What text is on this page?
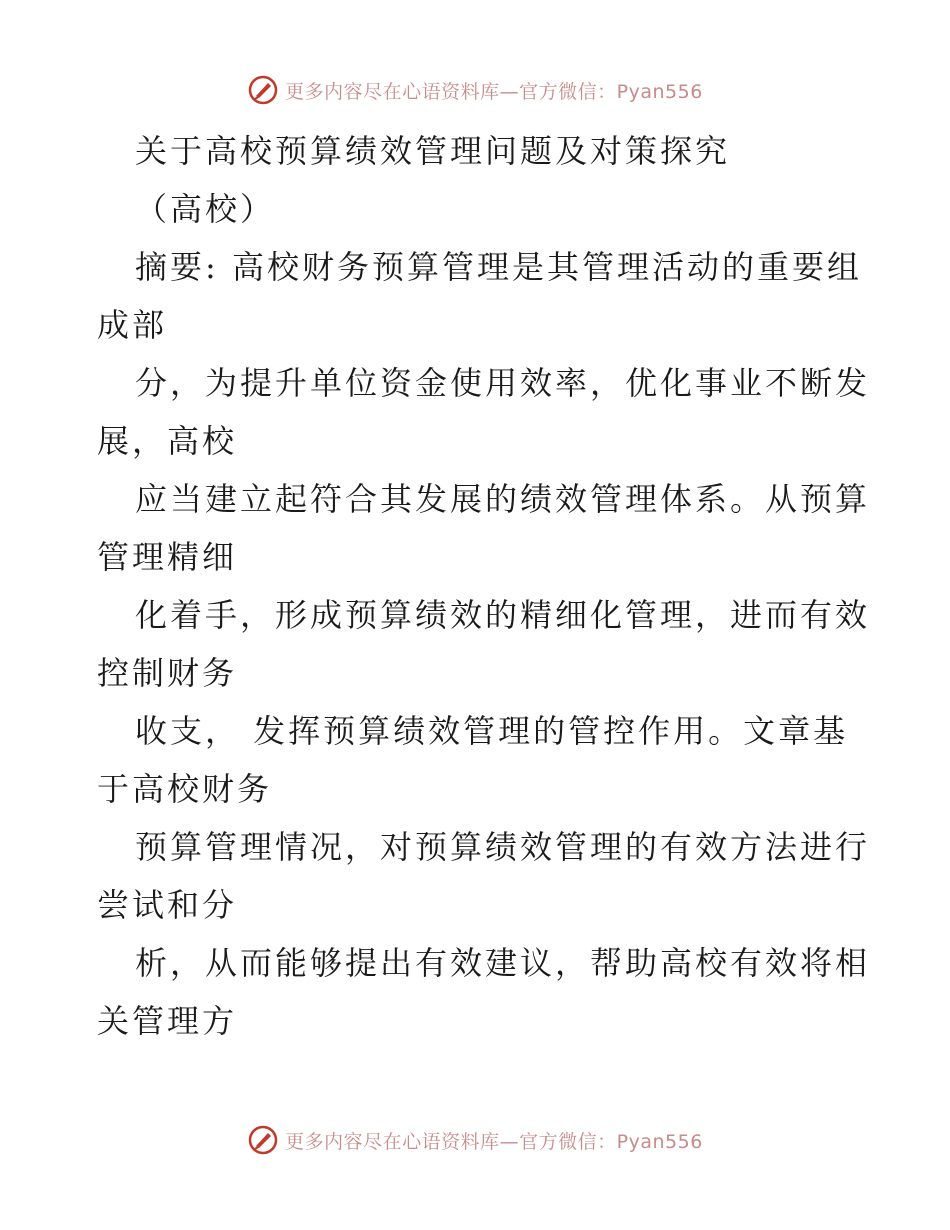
更多内容尽在心语资料库—官方微信：Pyan556
关于高校预算绩效管理问题及对策探究
（高校）
摘要: 高校财务预算管理是其管理活动的重要组
成部
分，为提升单位资金使用效率，优化事业不断发
展，高校
应当建立起符合其发展的绩效管理体系。从预算
管理精细
化着手，形成预算绩效的精细化管理，进而有效
控制财务
收支， 发挥预算绩效管理的管控作用。文章基
于高校财务
预算管理情况，对预算绩效管理的有效方法进行
尝试和分
析，从而能够提出有效建议，帮助高校有效将相
关管理方
更多内容尽在心语资料库—官方微信：Pyan556
